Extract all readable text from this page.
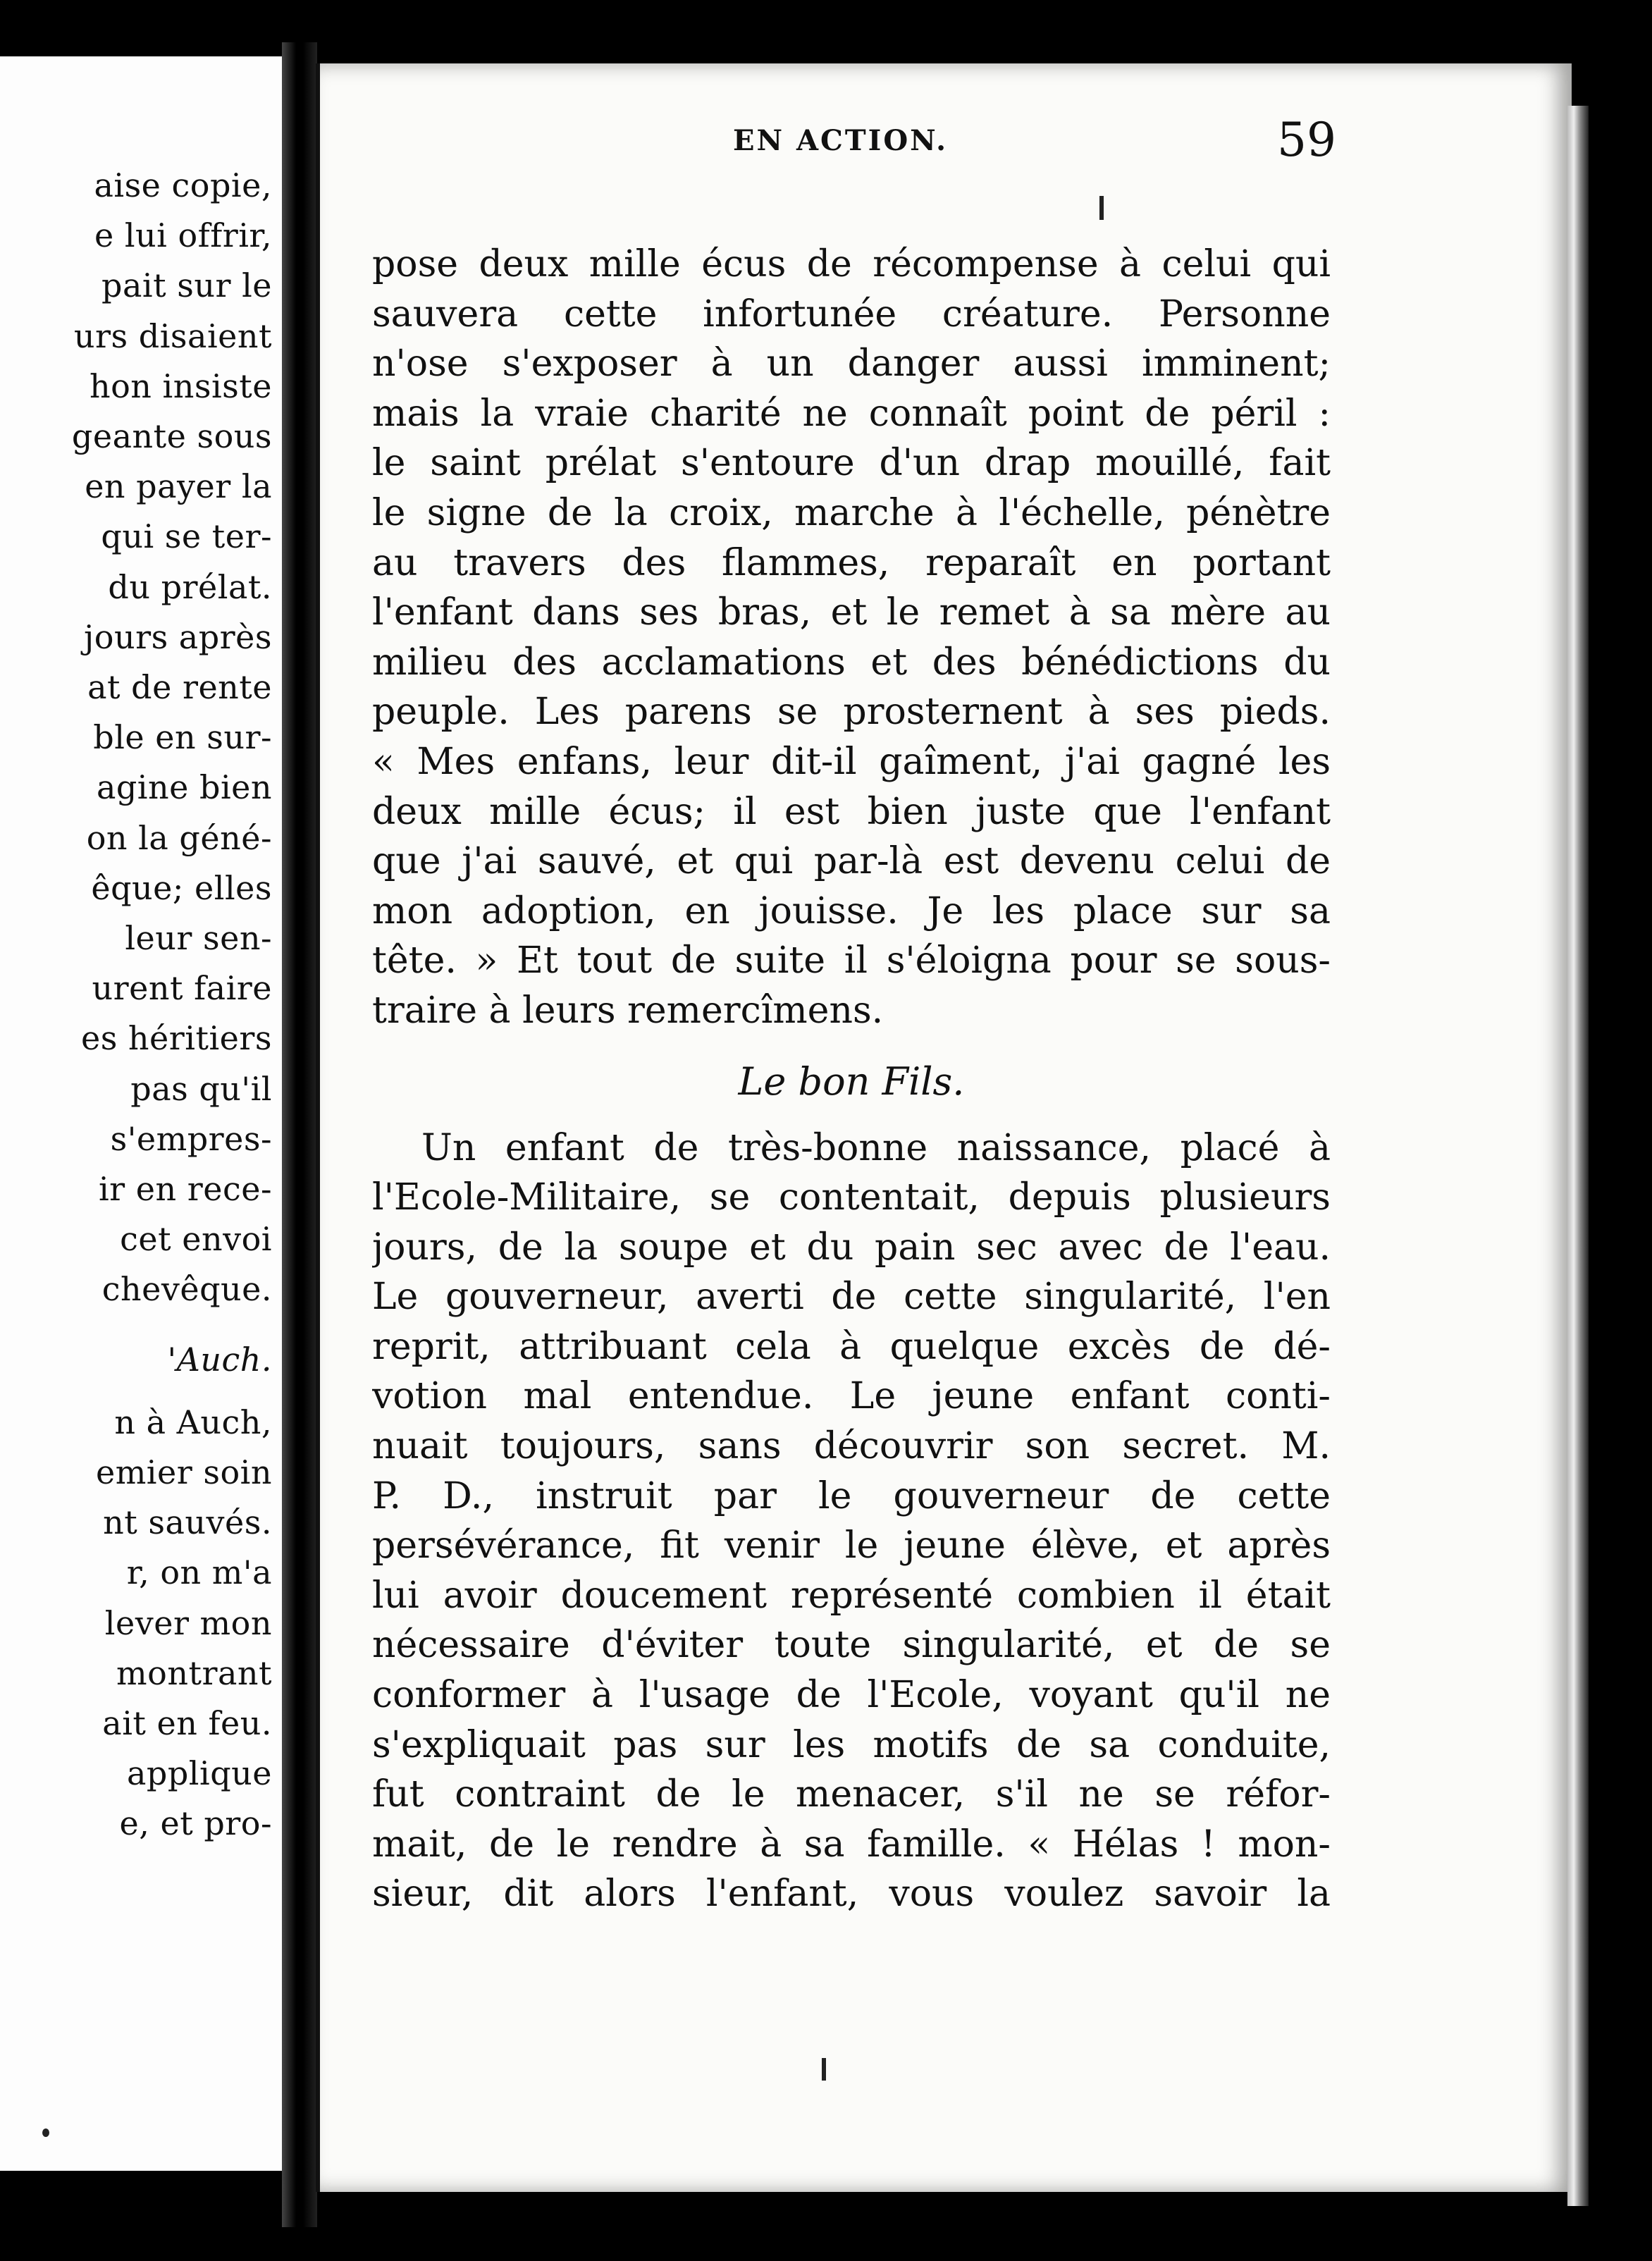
aise copie,
e lui offrir,
pait sur le
urs disaient
hon insiste
geante sous
en payer la
qui se ter-
du prélat.
jours après
at de rente
ble en sur-
agine bien
on la géné-
êque; elles
leur sen-
urent faire
es héritiers
pas qu'il
s'empres-
ir en rece-
cet envoi
chevêque.
'Auch.
n à Auch,
emier soin
nt sauvés.
r, on m'a
lever mon
montrant
ait en feu.
applique
e, et pro-
EN ACTION.	59
pose deux mille écus de récompense à celui qui
sauvera cette infortunée créature. Personne
n'ose s'exposer à un danger aussi imminent;
mais la vraie charité ne connaît point de péril :
le saint prélat s'entoure d'un drap mouillé, fait
le signe de la croix, marche à l'échelle, pénètre
au travers des flammes, reparaît en portant
l'enfant dans ses bras, et le remet à sa mère au
milieu des acclamations et des bénédictions du
peuple. Les parens se prosternent à ses pieds.
« Mes enfans, leur dit-il gaîment, j'ai gagné les
deux mille écus; il est bien juste que l'enfant
que j'ai sauvé, et qui par-là est devenu celui de
mon adoption, en jouisse. Je les place sur sa
tête. » Et tout de suite il s'éloigna pour se sous-
traire à leurs remercîmens.
Le bon Fils.
Un enfant de très-bonne naissance, placé à
l'Ecole-Militaire, se contentait, depuis plusieurs
jours, de la soupe et du pain sec avec de l'eau.
Le gouverneur, averti de cette singularité, l'en
reprit, attribuant cela à quelque excès de dé-
votion mal entendue. Le jeune enfant conti-
nuait toujours, sans découvrir son secret. M.
P. D., instruit par le gouverneur de cette
persévérance, fit venir le jeune élève, et après
lui avoir doucement représenté combien il était
nécessaire d'éviter toute singularité, et de se
conformer à l'usage de l'Ecole, voyant qu'il ne
s'expliquait pas sur les motifs de sa conduite,
fut contraint de le menacer, s'il ne se réfor-
mait, de le rendre à sa famille. « Hélas ! mon-
sieur, dit alors l'enfant, vous voulez savoir la
